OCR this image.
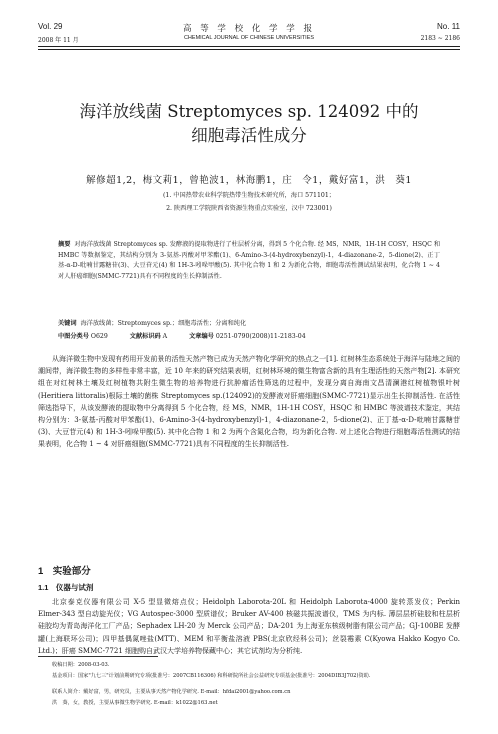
Vol. 29	高 等 学 校 化 学 学 报	No. 11
2008 年 11 月	CHEMICAL JOURNAL OF CHINESE UNIVERSITIES	2183 ~ 2186
海洋放线菌 Streptomyces sp. 124092 中的
细胞毒活性成分
解修超1,2，梅文莉1，曾艳波1，林海鹏1，庄　令1，戴好富1，洪　葵1
(1. 中国热带农业科学院热带生物技术研究所，海口 571101；
2. 陕西理工学院陕西省资源生物重点实验室，汉中 723001)
摘要 对海洋放线菌 Streptomyces sp. 发酵液的提取物进行了柱层析分离，得到 5 个化合物. 经 MS，NMR，1H-1H COSY，HSQC 和 HMBC 等数据鉴定，其结构分别为 3-氨基-丙酸对甲苯酯(1)、6-Amino-3-(4-hydroxybenzyl)-1，4-diazonane-2，5-dione(2)、正丁基-α-D-吡喃甘露糖苷(3)、大豆苷元(4) 和 1H-3-吲哚甲酸(5). 其中化合物 1 和 2 为新化合物，细胞毒活性测试结果表明，化合物 1 ~ 4 对人肝癌细胞(SMMC-7721)具有不同程度的生长抑制活性.
关键词 海洋放线菌；Streptomyces sp.；细胞毒活性；分离和纯化
中图分类号 O629	文献标识码 A	文章编号 0251-0790(2008)11-2183-04
从海洋微生物中发现有药用开发前景的活性天然产物已成为天然产物化学研究的热点之一[1]. 红树林生态系统处于海洋与陆地之间的潮间带，海洋微生物的多样性非常丰富，近 10 年来的研究结果表明，红树林环境的微生物富含新的具有生理活性的天然产物[2]. 本研究组在对红树林土壤及红树植物共附生微生物的培养物进行抗肿瘤活性筛选的过程中，发现分离自海南文昌清澜港红树植物银叶树(Heritiera littoralis)根际土壤的菌株 Streptomyces sp.(124092)的发酵液对肝癌细胞(SMMC-7721)显示出生长抑制活性. 在活性筛选指导下，从该发酵液的提取物中分离得到 5 个化合物，经 MS，NMR，1H-1H COSY，HSQC 和 HMBC 等波谱技术鉴定，其结构分别为：3-氨基-丙酸对甲苯酯(1)、6-Amino-3-(4-hydroxybenzyl)-1，4-diazonane-2，5-dione(2)、正丁基-α-D-吡喃甘露糖苷(3)、大豆苷元(4) 和 1H-3-吲哚甲酸(5). 其中化合物 1 和 2 为两个含氮化合物，均为新化合物. 对上述化合物进行细胞毒活性测试的结果表明，化合物 1 ~ 4 对肝癌细胞(SMMC-7721)具有不同程度的生长抑制活性.
1　实验部分
1.1　仪器与试剂
北京泰克仪器有限公司 X-5 型显微熔点仪；Heidolph Laborota-20L 和 Heidolph Laborota-4000 旋转蒸发仪；Perkin Elmer-343 型自动旋光仪；VG Autospec-3000 型质谱仪；Bruker AV-400 核磁共振波谱仪，TMS 为内标. 薄层层析硅胶和柱层析硅胶均为青岛海洋化工厂产品；Sephadex LH-20 为 Merck 公司产品；DA-201 为上海亚东核级树脂有限公司产品；GJ-100BE 发酵罐(上海联环公司)；四甲基偶氮唑盐(MTT)、MEM 和平衡盐溶液 PBS(北京欣经科公司)；丝裂霉素 C(Kyowa Hakko Kogyo Co. Ltd.)；肝癌 SMMC-7721 细胞购自武汉大学培养物保藏中心；其它试剂均为分析纯.
收稿日期：2008-03-03.
基金项目：国家"九七三"计划前期研究专项(批准号：2007CB116306) 和科研院所社会公益研究专项基金(批准号：2004DIB3J702)资助.
联系人简介：戴好富，男，研究员，主要从事天然产物化学研究. E-mail：hfdai2001@yahoo.com.cn
洪　葵，女，教授，主要从事微生物学研究. E-mail：k1022@163.net
